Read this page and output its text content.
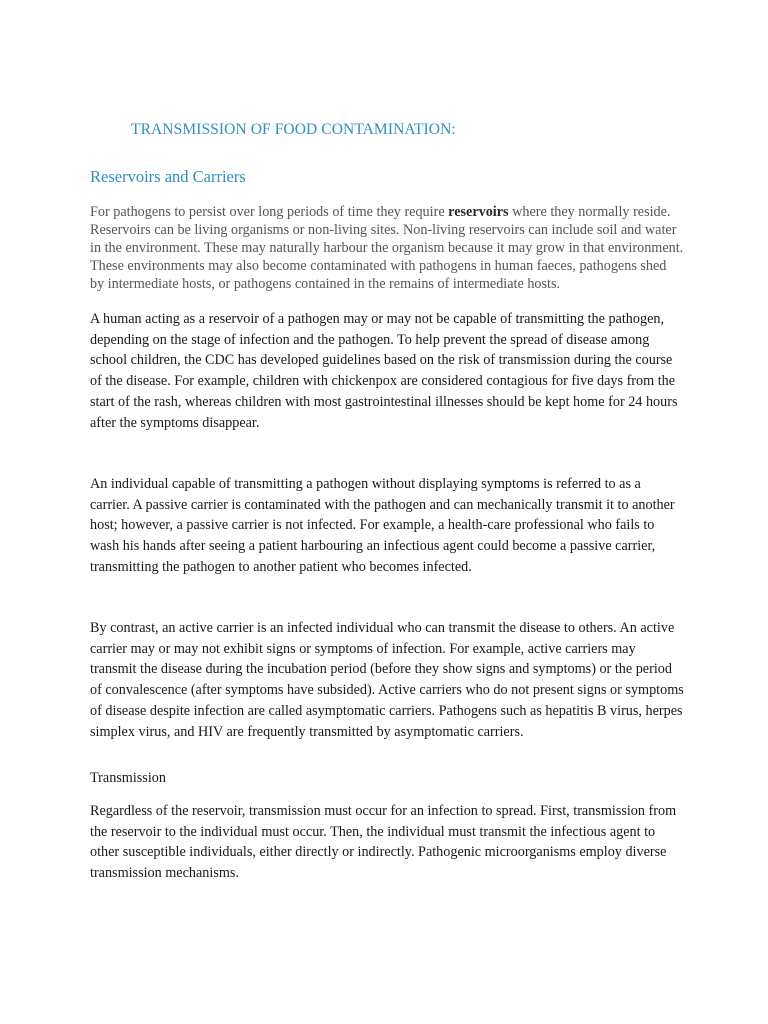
TRANSMISSION OF FOOD CONTAMINATION:
Reservoirs and Carriers

For pathogens to persist over long periods of time they require reservoirs where they normally reside. Reservoirs can be living organisms or non-living sites. Non-living reservoirs can include soil and water in the environment. These may naturally harbour the organism because it may grow in that environment. These environments may also become contaminated with pathogens in human faeces, pathogens shed by intermediate hosts, or pathogens contained in the remains of intermediate hosts.

A human acting as a reservoir of a pathogen may or may not be capable of transmitting the pathogen, depending on the stage of infection and the pathogen. To help prevent the spread of disease among school children, the CDC has developed guidelines based on the risk of transmission during the course of the disease. For example, children with chickenpox are considered contagious for five days from the start of the rash, whereas children with most gastrointestinal illnesses should be kept home for 24 hours after the symptoms disappear.

An individual capable of transmitting a pathogen without displaying symptoms is referred to as a carrier. A passive carrier is contaminated with the pathogen and can mechanically transmit it to another host; however, a passive carrier is not infected. For example, a health-care professional who fails to wash his hands after seeing a patient harbouring an infectious agent could become a passive carrier, transmitting the pathogen to another patient who becomes infected.

By contrast, an active carrier is an infected individual who can transmit the disease to others. An active carrier may or may not exhibit signs or symptoms of infection. For example, active carriers may transmit the disease during the incubation period (before they show signs and symptoms) or the period of convalescence (after symptoms have subsided). Active carriers who do not present signs or symptoms of disease despite infection are called asymptomatic carriers. Pathogens such as hepatitis B virus, herpes simplex virus, and HIV are frequently transmitted by asymptomatic carriers.

Transmission

Regardless of the reservoir, transmission must occur for an infection to spread. First, transmission from the reservoir to the individual must occur. Then, the individual must transmit the infectious agent to other susceptible individuals, either directly or indirectly. Pathogenic microorganisms employ diverse transmission mechanisms.
